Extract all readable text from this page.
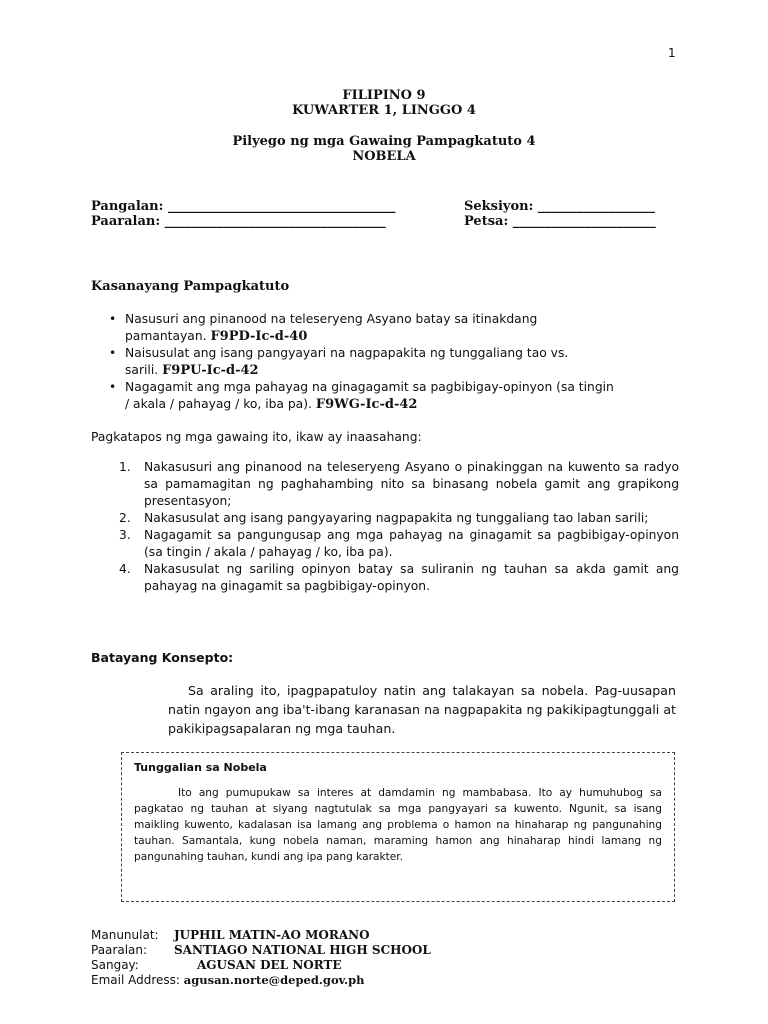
1
FILIPINO 9
KUWARTER 1, LINGGO 4
Pilyego ng mga Gawaing Pampagkatuto 4
NOBELA
Pangalan: ___________________________________
Paaralan: __________________________________
Seksiyon: __________________
Petsa: ______________________
Kasanayang Pampagkatuto
• Nasusuri ang pinanood na teleseryeng Asyano batay sa itinakdang
pamantayan. F9PD-Ic-d-40
• Naisusulat ang isang pangyayari na nagpapakita ng tunggaliang tao vs.
sarili. F9PU-Ic-d-42
• Nagagamit ang mga pahayag na ginagagamit sa pagbibigay-opinyon (sa tingin
/ akala / pahayag / ko, iba pa). F9WG-Ic-d-42
Pagkatapos ng mga gawaing ito, ikaw ay inaasahang:
1. Nakasusuri ang pinanood na teleseryeng Asyano o pinakinggan na kuwento sa radyo sa pamamagitan ng paghahambing nito sa binasang nobela gamit ang grapikong presentasyon;
2. Nakasusulat ang isang pangyayaring nagpapakita ng tunggaliang tao laban sarili;
3. Nagagamit sa pangungusap ang mga pahayag na ginagamit sa pagbibigay-opinyon (sa tingin / akala / pahayag / ko, iba pa).
4. Nakasusulat ng sariling opinyon batay sa suliranin ng tauhan sa akda gamit ang pahayag na ginagamit sa pagbibigay-opinyon.
Batayang Konsepto:
Sa araling ito, ipagpapatuloy natin ang talakayan sa nobela. Pag-uusapan natin ngayon ang iba't-ibang karanasan na nagpapakita ng pakikipagtunggali at pakikipagsapalaran ng mga tauhan.
Tunggalian sa Nobela
Ito ang pumupukaw sa interes at damdamin ng mambabasa. Ito ay humuhubog sa pagkatao ng tauhan at siyang nagtutulak sa mga pangyayari sa kuwento. Ngunit, sa isang maikling kuwento, kadalasan isa lamang ang problema o hamon na hinaharap ng pangunahing tauhan. Samantala, kung nobela naman, maraming hamon ang hinaharap hindi lamang ng pangunahing tauhan, kundi ang ipa pang karakter.
Manunulat: JUPHIL MATIN-AO MORANO
Paaralan: SANTIAGO NATIONAL HIGH SCHOOL
Sangay:	AGUSAN DEL NORTE
Email Address: agusan.norte@deped.gov.ph
